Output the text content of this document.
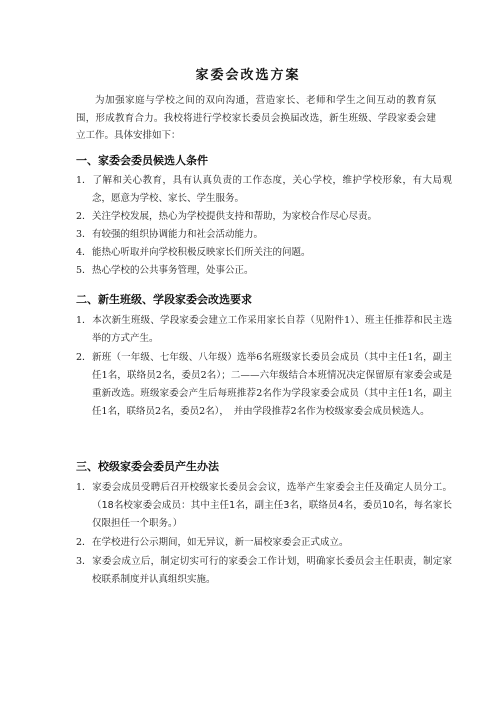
家委会改选方案

为加强家庭与学校之间的双向沟通，营造家长、老师和学生之间互动的教育氛围，形成教育合力。我校将进行学校家长委员会换届改选，新生班级、学段家委会建立工作。具体安排如下：

一、家委会委员候选人条件

1．了解和关心教育，具有认真负责的工作态度，关心学校，维护学校形象，有大局观念，愿意为学校、家长、学生服务。

2．关注学校发展，热心为学校提供支持和帮助，为家校合作尽心尽责。

3．有较强的组织协调能力和社会活动能力。

4．能热心听取并向学校积极反映家长们所关注的问题。

5．热心学校的公共事务管理，处事公正。

二、新生班级、学段家委会改选要求

1．本次新生班级、学段家委会建立工作采用家长自荐（见附件1）、班主任推荐和民主选举的方式产生。

2．新班（一年级、七年级、八年级）选举6名班级家长委员会成员（其中主任1名，副主任1名，联络员2名，委员2名）；二——六年级结合本班情况决定保留原有家委会或是重新改选。班级家委会产生后每班推荐2名作为学段家委会成员（其中主任1名，副主任1名，联络员2名，委员2名），　并由学段推荐2名作为校级家委会成员候选人。

三、校级家委会委员产生办法

1．家委会成员受聘后召开校级家长委员会会议，选举产生家委会主任及确定人员分工。（18名校家委会成员：其中主任1名，副主任3名，联络员4名，委员10名，每名家长仅限担任一个职务。）

2．在学校进行公示期间，如无异议，新一届校家委会正式成立。

3．家委会成立后，制定切实可行的家委会工作计划，明确家长委员会主任职责，制定家校联系制度并认真组织实施。
